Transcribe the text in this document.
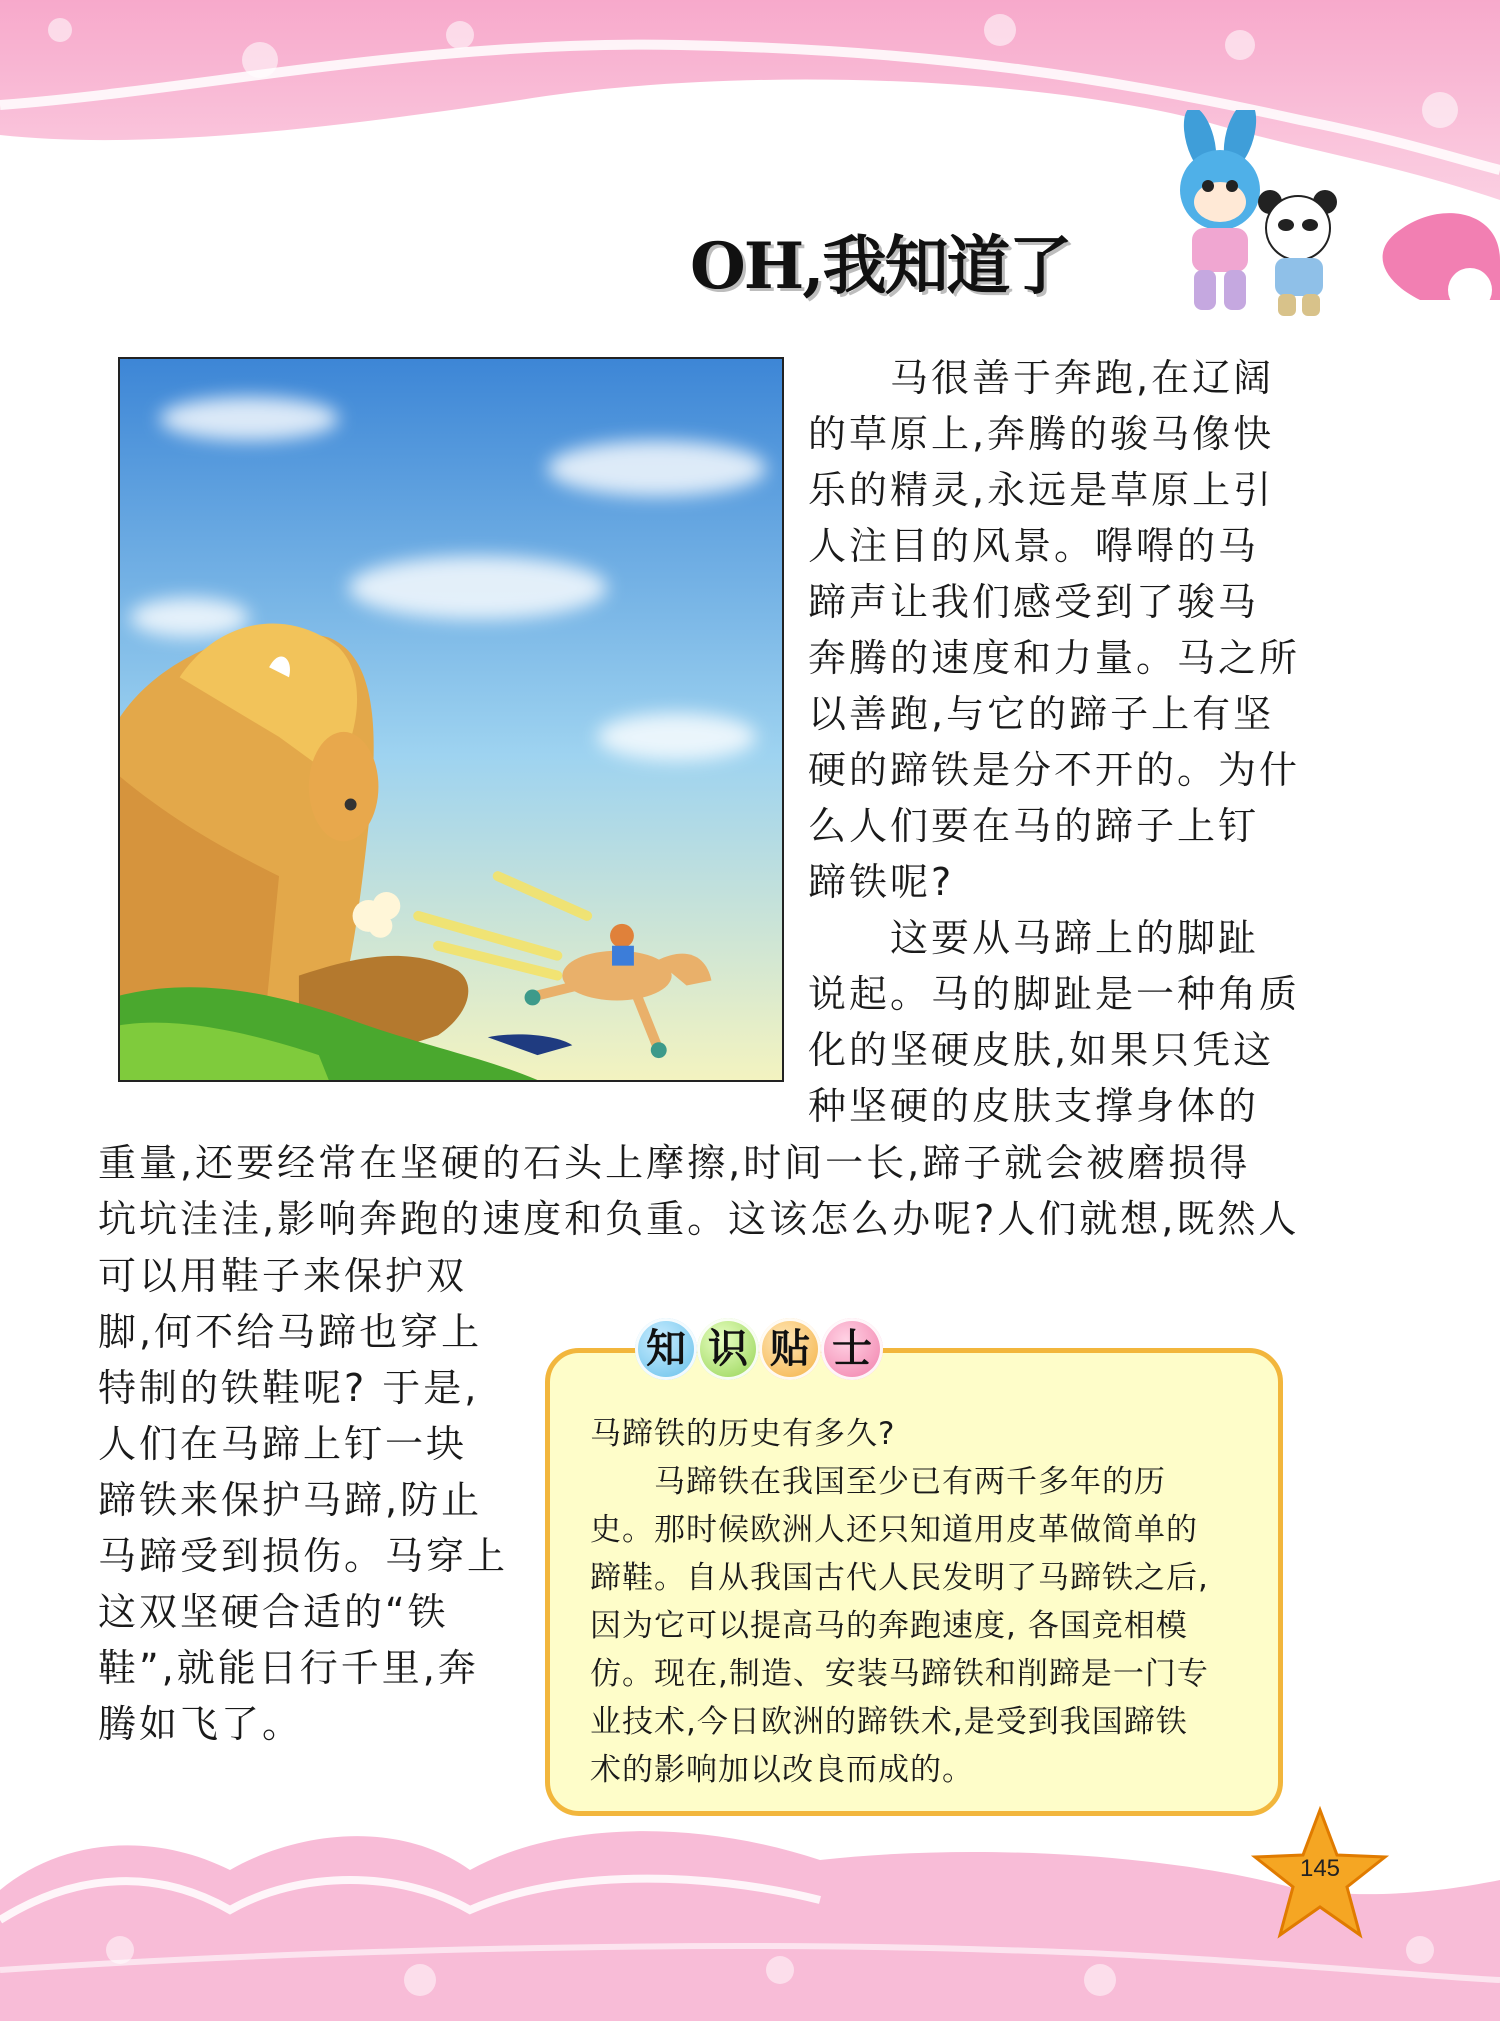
OH,我知道了

　　马很善于奔跑,在辽阔
的草原上,奔腾的骏马像快
乐的精灵,永远是草原上引
人注目的风景。嘚嘚的马
蹄声让我们感受到了骏马
奔腾的速度和力量。马之所
以善跑,与它的蹄子上有坚
硬的蹄铁是分不开的。为什
么人们要在马的蹄子上钉
蹄铁呢?

　　这要从马蹄上的脚趾
说起。马的脚趾是一种角质
化的坚硬皮肤,如果只凭这
种坚硬的皮肤支撑身体的

重量,还要经常在坚硬的石头上摩擦,时间一长,蹄子就会被磨损得
坑坑洼洼,影响奔跑的速度和负重。这该怎么办呢?人们就想,既然人

可以用鞋子来保护双
脚,何不给马蹄也穿上
特制的铁鞋呢? 于是,
人们在马蹄上钉一块
蹄铁来保护马蹄,防止
马蹄受到损伤。马穿上
这双坚硬合适的“铁
鞋”,就能日行千里,奔
腾如飞了。

知 识 贴 士

马蹄铁的历史有多久?

　　马蹄铁在我国至少已有两千多年的历
史。那时候欧洲人还只知道用皮革做简单的
蹄鞋。自从我国古代人民发明了马蹄铁之后,
因为它可以提高马的奔跑速度, 各国竞相模
仿。现在,制造、安装马蹄铁和削蹄是一门专
业技术,今日欧洲的蹄铁术,是受到我国蹄铁
术的影响加以改良而成的。

145
